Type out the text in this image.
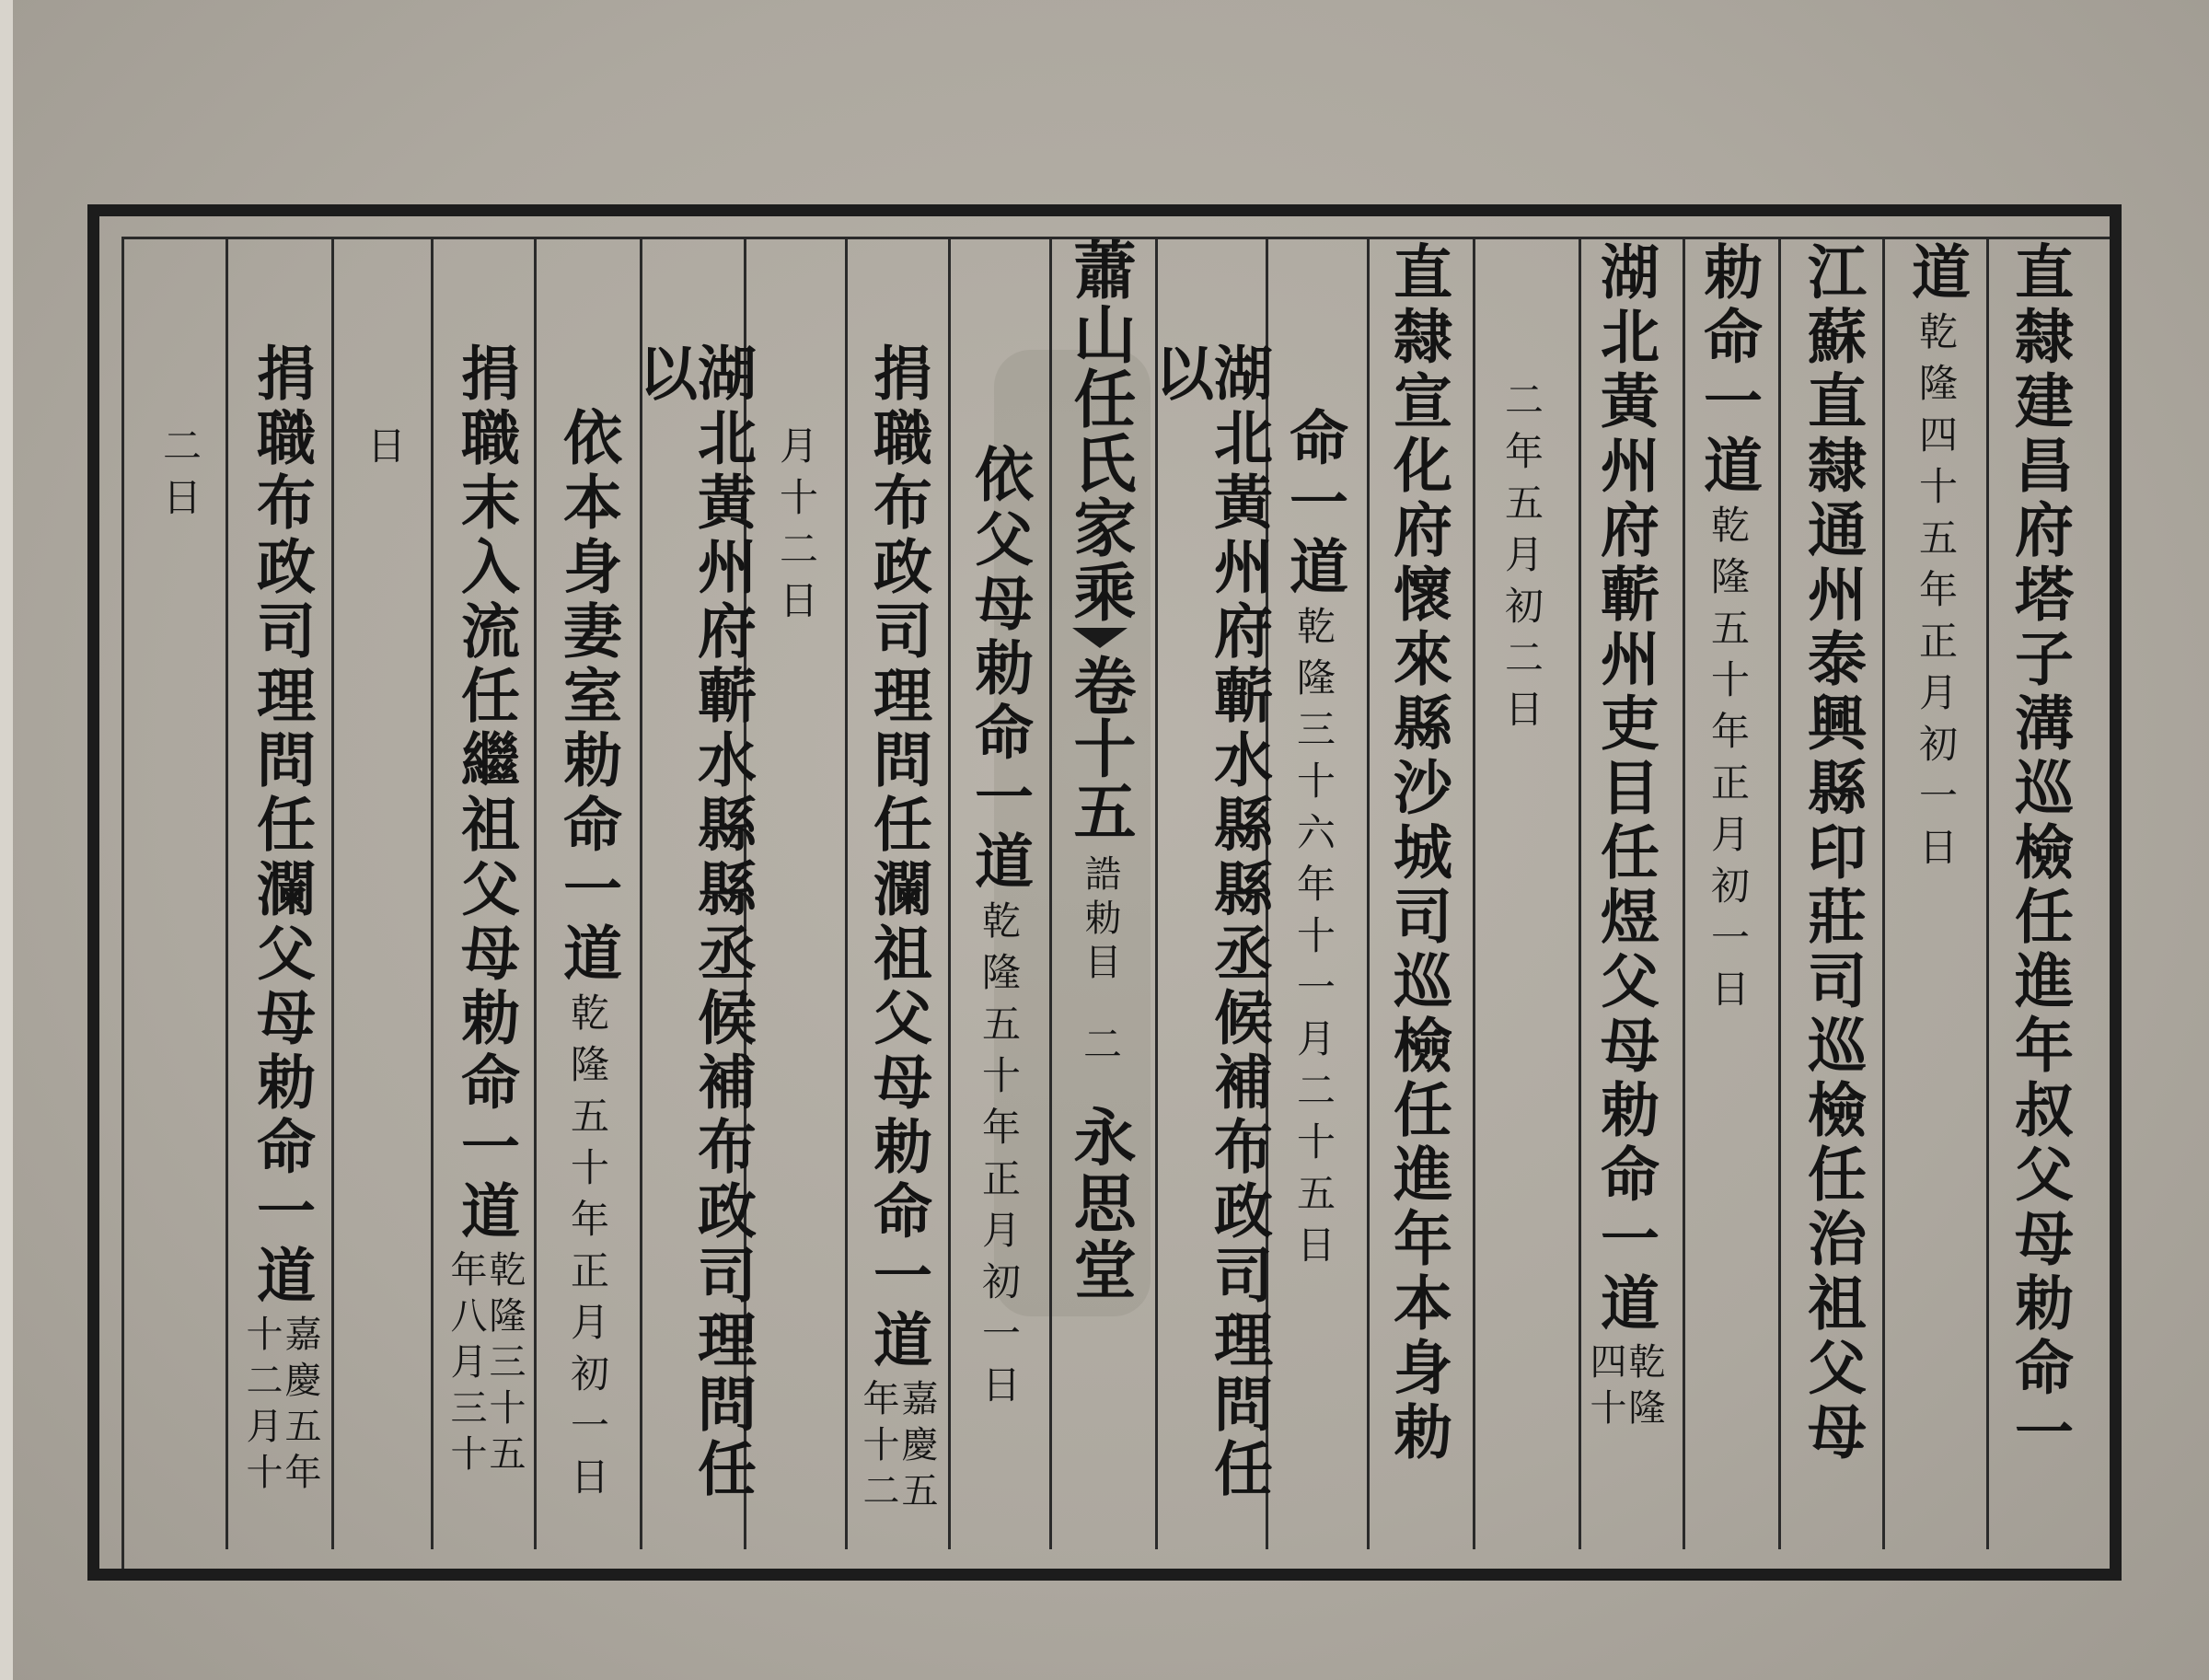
直隸建昌府塔子溝巡檢任進年叔父母勅命一
道
乾隆四十五年正月初一日
江蘇直隸通州泰興縣印莊司巡檢任治祖父母
勅命一道
乾隆五十年正月初一日
湖北黃州府蘄州吏目任煜父母勅命一道
乾隆
四十
二年五月初二日
直隸宣化府懷來縣沙城司巡檢任進年本身勅
命一道
乾隆三十六年十一月二十五日
湖北黃州府蘄水縣縣丞候補布政司理問任以
蕭山任氏家乘
卷十五
誥勅目
二
永思堂
依父母勅命一道
乾隆五十年正月初一日
捐職布政司理問任瀾祖父母勅命一道
嘉慶五
年十二
月十二日
湖北黃州府蘄水縣縣丞候補布政司理問任以
依本身妻室勅命一道
乾隆五十年正月初一日
捐職末入流任繼祖父母勅命一道
乾隆三十五
年八月三十
日
捐職布政司理問任瀾父母勅命一道
嘉慶五年
十二月十
二日
